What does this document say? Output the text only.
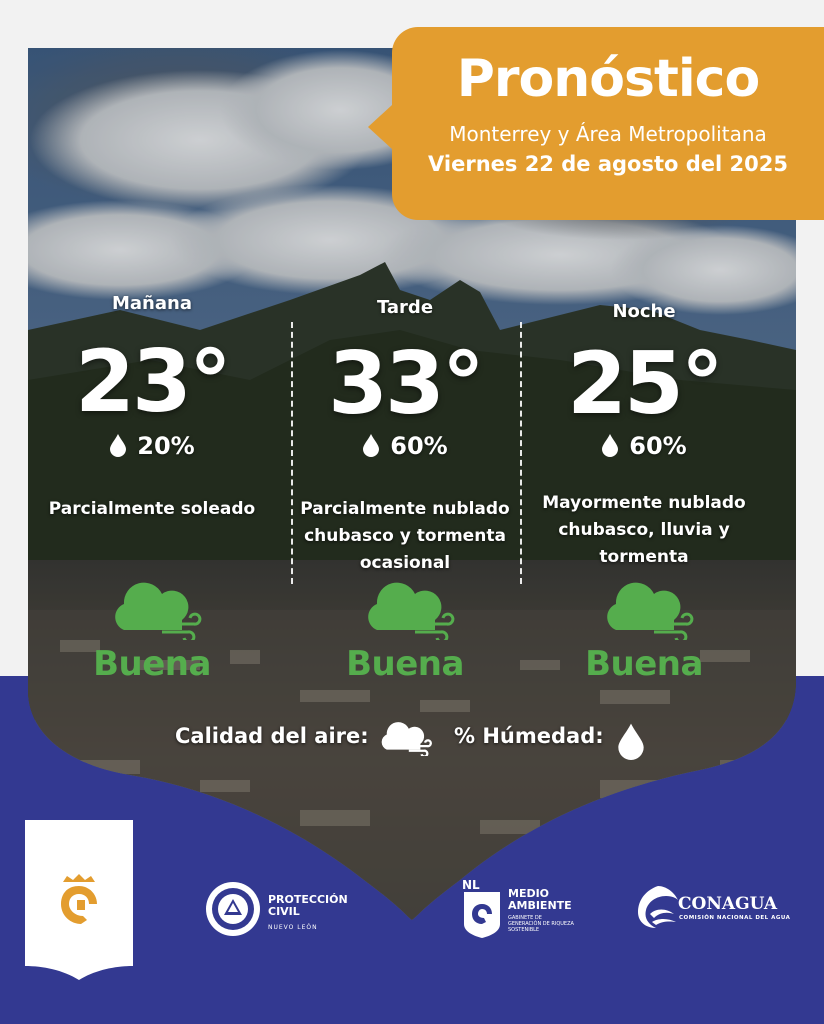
Pronóstico
Monterrey y Área Metropolitana
Viernes 22 de agosto del 2025
Mañana
23°
20%
Parcialmente soleado
Buena
Tarde
33°
60%
Parcialmente nublado
chubasco y tormenta
ocasional
Buena
Noche
25°
60%
Mayormente nublado
chubasco, lluvia y
tormenta
Buena
Calidad del aire:	% Húmedad:
PROTECCIÓN
CIVIL
NUEVO LEÓN
NL
MEDIO
AMBIENTE
GABINETE DE GENERACIÓN DE RIQUEZA SOSTENIBLE
CONAGUA
COMISIÓN NACIONAL DEL AGUA
